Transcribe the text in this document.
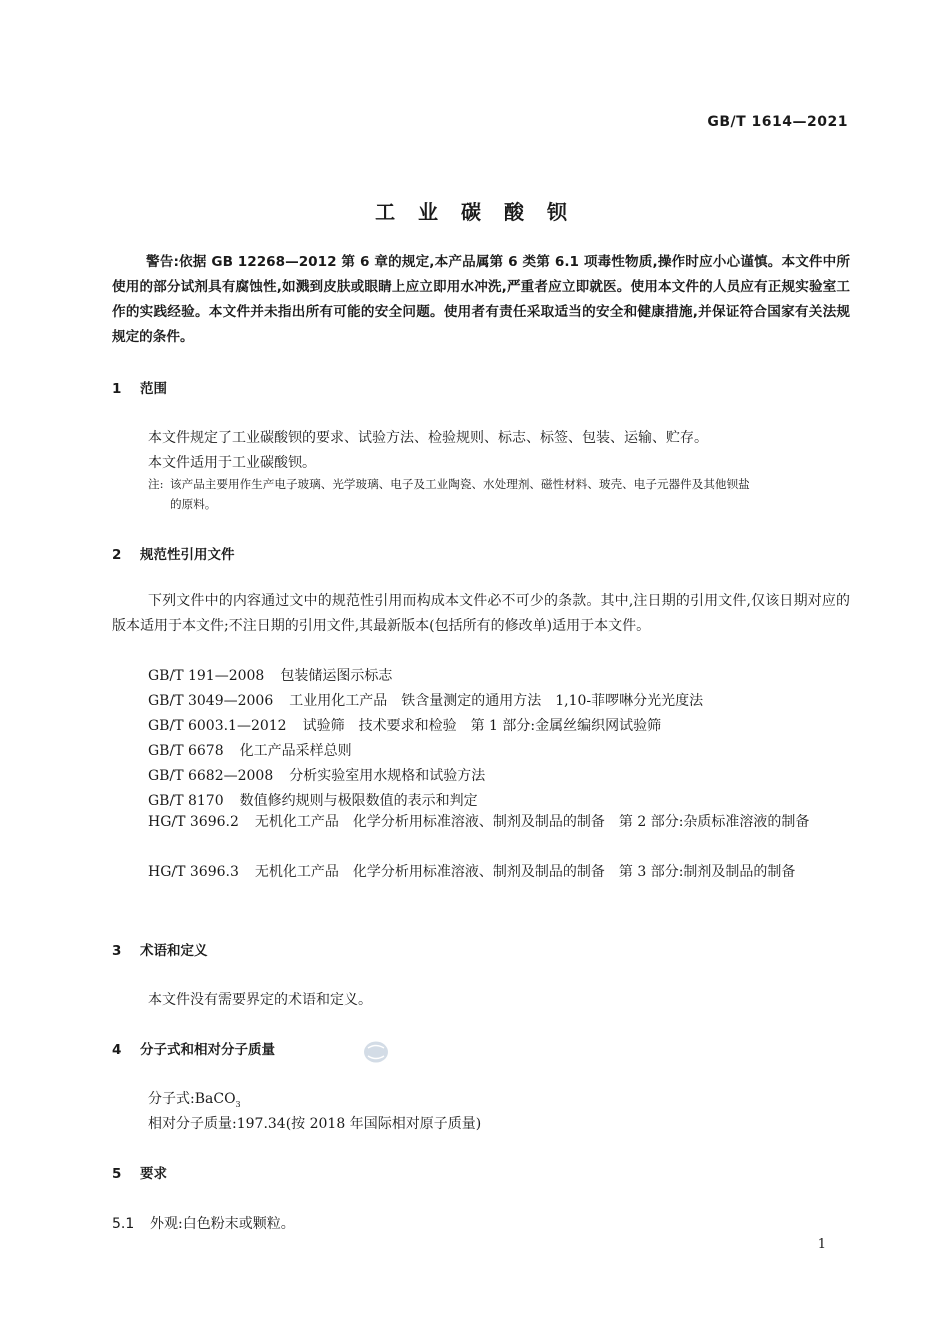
GB/T 1614—2021
工 业 碳 酸 钡
警告:依据 GB 12268—2012 第 6 章的规定,本产品属第 6 类第 6.1 项毒性物质,操作时应小心谨慎。本文件中所使用的部分试剂具有腐蚀性,如溅到皮肤或眼睛上应立即用水冲洗,严重者应立即就医。使用本文件的人员应有正规实验室工作的实践经验。本文件并未指出所有可能的安全问题。使用者有责任采取适当的安全和健康措施,并保证符合国家有关法规规定的条件。
1 范围
本文件规定了工业碳酸钡的要求、试验方法、检验规则、标志、标签、包装、运输、贮存。
本文件适用于工业碳酸钡。
注: 该产品主要用作生产电子玻璃、光学玻璃、电子及工业陶瓷、水处理剂、磁性材料、玻壳、电子元器件及其他钡盐
的原料。
2 规范性引用文件
下列文件中的内容通过文中的规范性引用而构成本文件必不可少的条款。其中,注日期的引用文件,仅该日期对应的版本适用于本文件;不注日期的引用文件,其最新版本(包括所有的修改单)适用于本文件。
GB/T 191—2008 包装储运图示标志
GB/T 3049—2006 工业用化工产品　铁含量测定的通用方法　1,10-菲啰啉分光光度法
GB/T 6003.1—2012 试验筛　技术要求和检验　第 1 部分:金属丝编织网试验筛
GB/T 6678 化工产品采样总则
GB/T 6682—2008 分析实验室用水规格和试验方法
GB/T 8170 数值修约规则与极限数值的表示和判定
HG/T 3696.2 无机化工产品　化学分析用标准溶液、制剂及制品的制备　第 2 部分:杂质标准溶液的制备
HG/T 3696.3 无机化工产品　化学分析用标准溶液、制剂及制品的制备　第 3 部分:制剂及制品的制备
3 术语和定义
本文件没有需要界定的术语和定义。
4 分子式和相对分子质量
分子式:BaCO$_3$
相对分子质量:197.34(按 2018 年国际相对原子质量)
5 要求
5.1 外观:白色粉末或颗粒。
1
